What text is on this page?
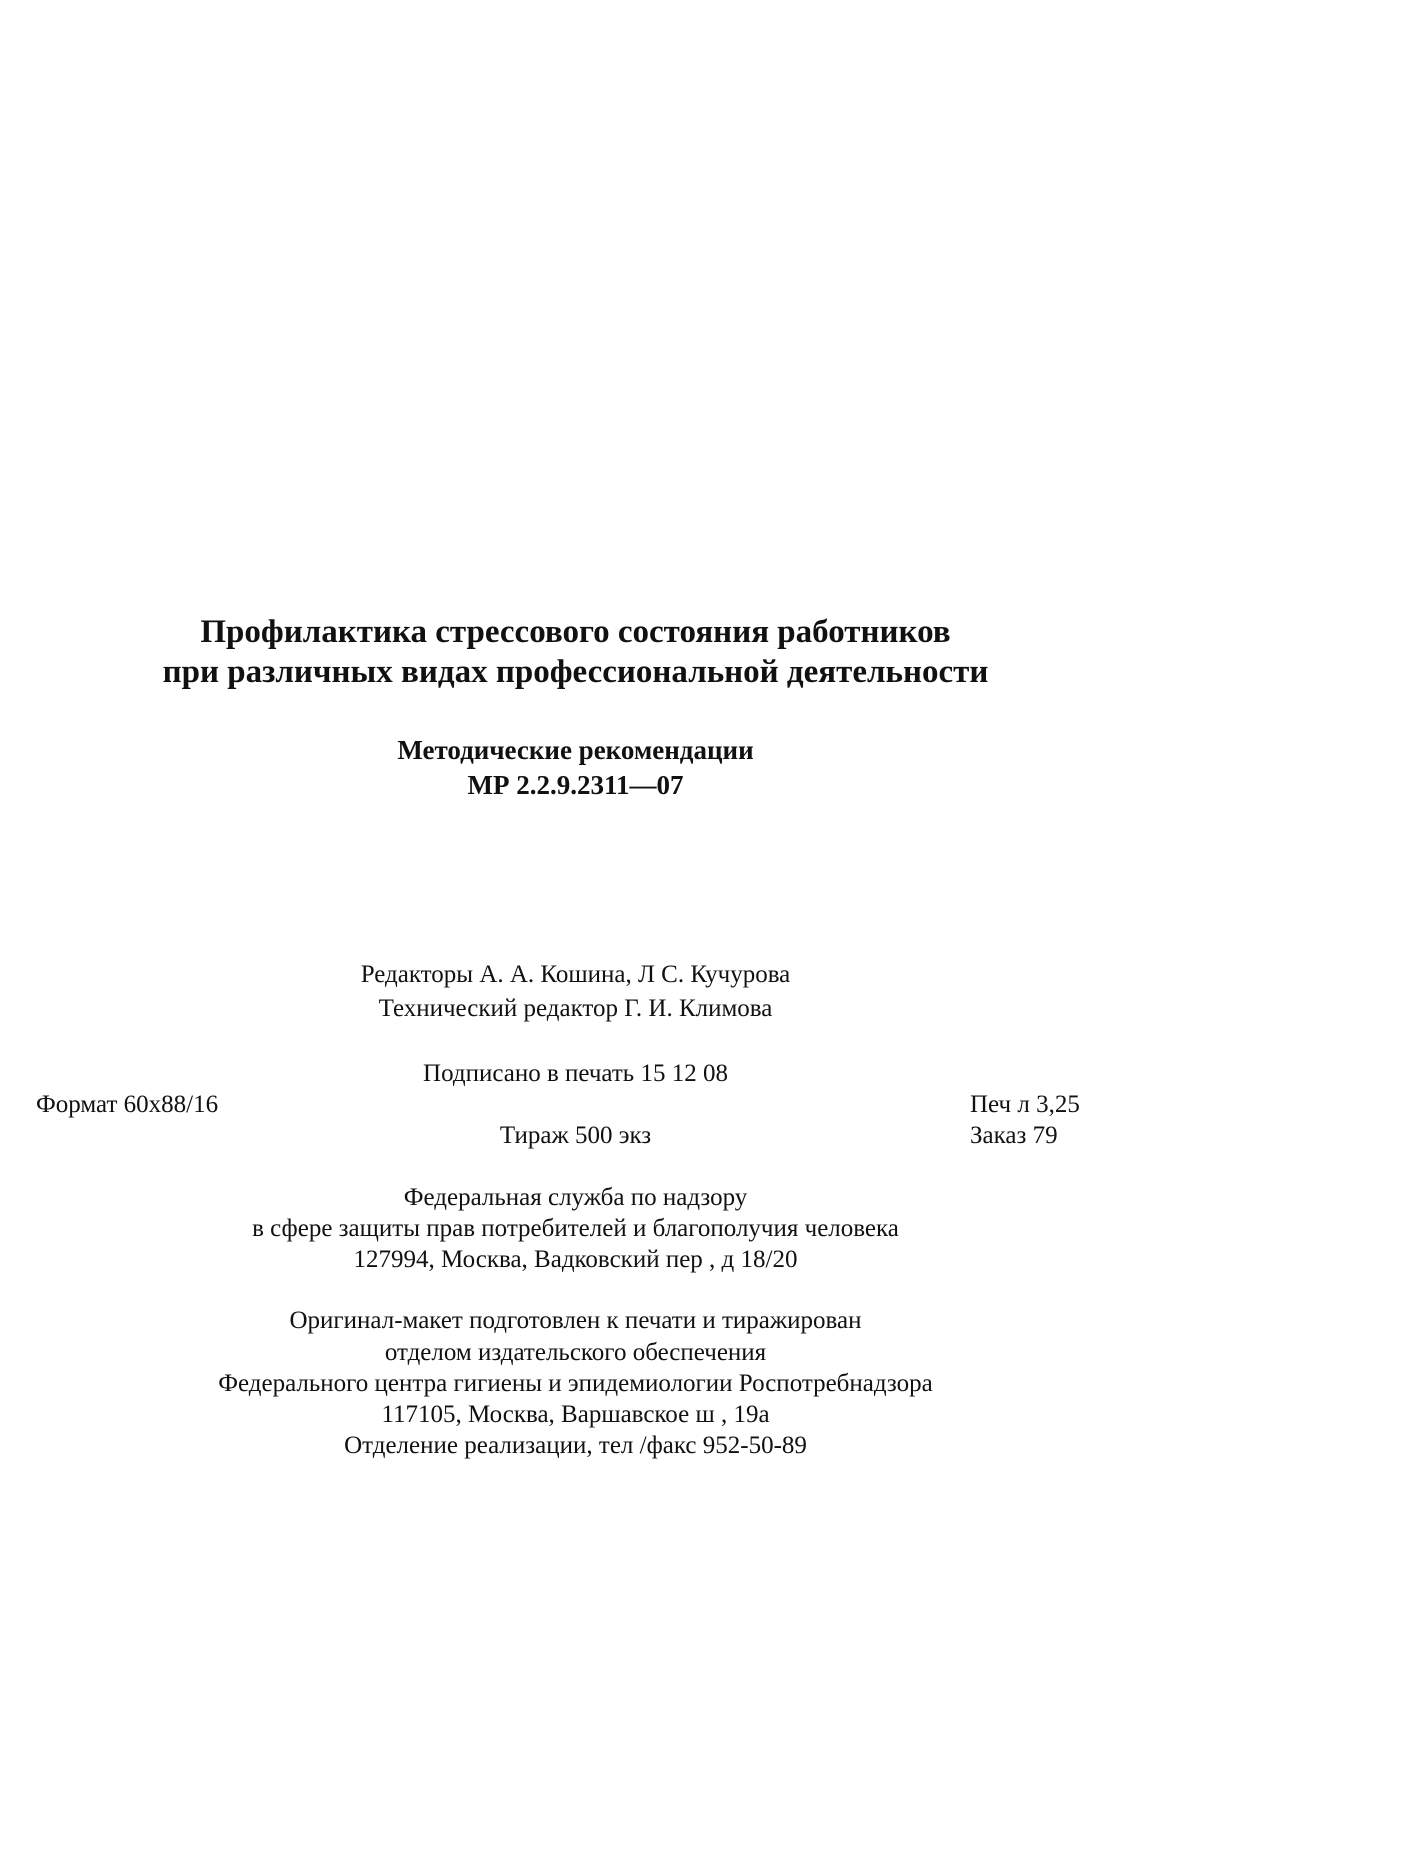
Профилактика стрессового состояния работников
при различных видах профессиональной деятельности
Методические рекомендации
МР 2.2.9.2311—07
Редакторы А. А. Кошина, Л С. Кучурова
Технический редактор Г. И. Климова
Подписано в печать 15 12 08
Формат 60x88/16	Печ л 3,25
Тираж 500 экз	Заказ 79
Федеральная служба по надзору
в сфере защиты прав потребителей и благополучия человека
127994, Москва, Вадковский пер , д 18/20
Оригинал-макет подготовлен к печати и тиражирован
отделом издательского обеспечения
Федерального центра гигиены и эпидемиологии Роспотребнадзора
117105, Москва, Варшавское ш , 19а
Отделение реализации, тел /факс 952-50-89
